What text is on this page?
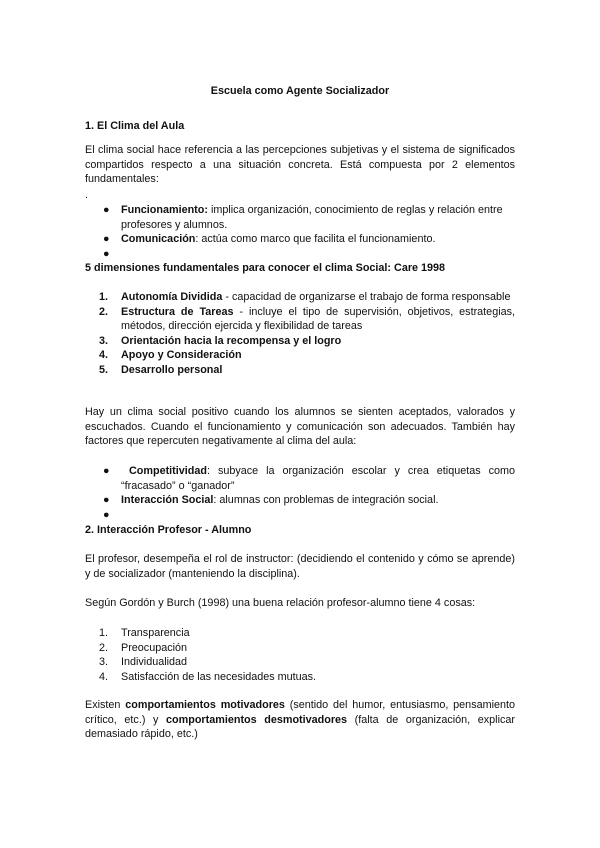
Escuela como Agente Socializador
1. El Clima del Aula
El clima social hace referencia a las percepciones subjetivas y el sistema de significados compartidos respecto a una situación concreta. Está compuesta por 2 elementos fundamentales:
.
● Funcionamiento: implica organización, conocimiento de reglas y relación entre profesores y alumnos.
● Comunicación: actúa como marco que facilita el funcionamiento.
●

5 dimensiones fundamentales para conocer el clima Social: Care 1998
1. Autonomía Dividida - capacidad de organizarse el trabajo de forma responsable
2. Estructura de Tareas - incluye el tipo de supervisión, objetivos, estrategias, métodos, dirección ejercida y flexibilidad de tareas
3. Orientación hacia la recompensa y el logro
4. Apoyo y Consideración
5. Desarrollo personal
Hay un clima social positivo cuando los alumnos se sienten aceptados, valorados y escuchados. Cuando el funcionamiento y comunicación son adecuados. También hay factores que repercuten negativamente al clima del aula:
● Competitividad: subyace la organización escolar y crea etiquetas como “fracasado” o “ganador”
● Interacción Social: alumnas con problemas de integración social.
●

2. Interacción Profesor - Alumno
El profesor, desempeña el rol de instructor: (decidiendo el contenido y cómo se aprende) y de socializador (manteniendo la disciplina).
Según Gordón y Burch (1998) una buena relación profesor-alumno tiene 4 cosas:
1. Transparencia
2. Preocupación
3. Individualidad
4. Satisfacción de las necesidades mutuas.
Existen comportamientos motivadores (sentido del humor, entusiasmo, pensamiento crítico, etc.) y comportamientos desmotivadores (falta de organización, explicar demasiado rápido, etc.)
